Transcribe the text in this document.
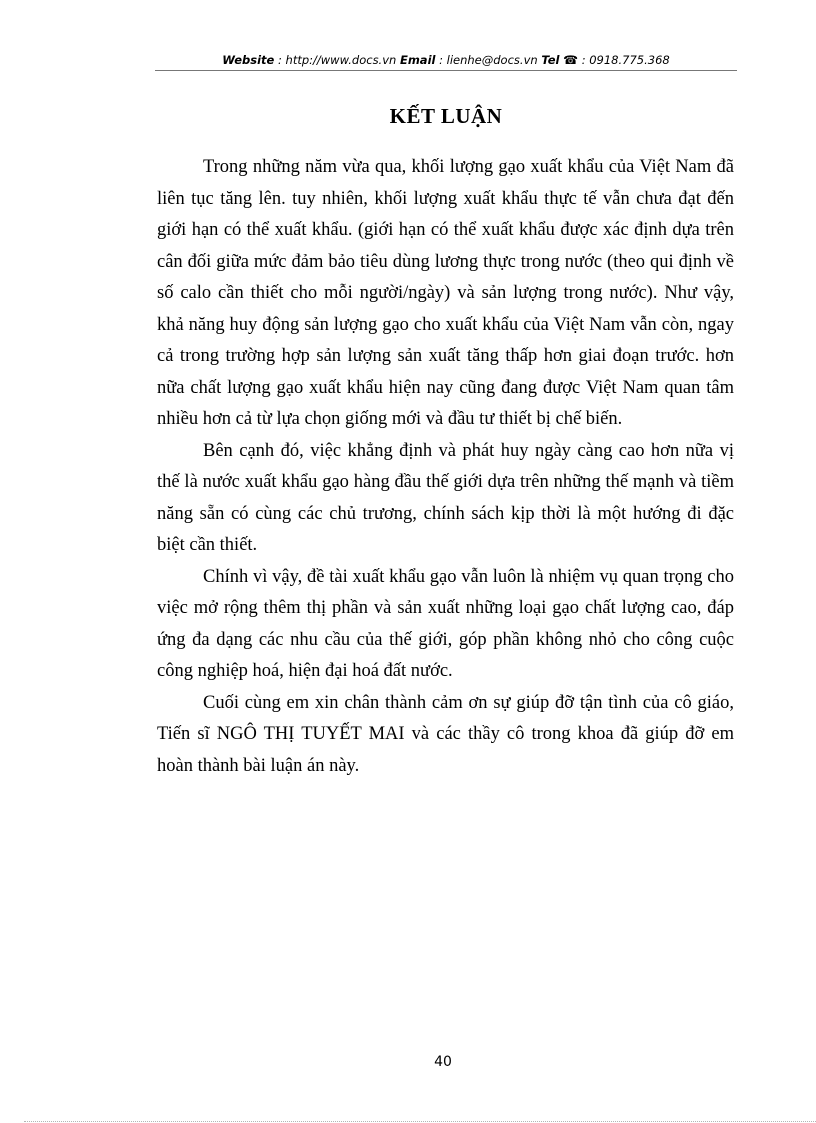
Website : http://www.docs.vn Email : lienhe@docs.vn Tel ☎ : 0918.775.368
KẾT LUẬN

Trong những năm vừa qua, khối lượng gạo xuất khẩu của Việt Nam đã liên tục tăng lên. tuy nhiên, khối lượng xuất khẩu thực tế vẫn chưa đạt đến giới hạn có thể xuất khẩu. (giới hạn có thể xuất khẩu được xác định dựa trên cân đối giữa mức đảm bảo tiêu dùng lương thực trong nước (theo qui định về số calo cần thiết cho mỗi người/ngày) và sản lượng trong nước). Như vậy, khả năng huy động sản lượng gạo cho xuất khẩu của Việt Nam vẫn còn, ngay cả trong trường hợp sản lượng sản xuất tăng thấp hơn giai đoạn trước. hơn nữa chất lượng gạo xuất khẩu hiện nay cũng đang được Việt Nam quan tâm nhiều hơn cả từ lựa chọn giống mới và đầu tư thiết bị chế biến.

Bên cạnh đó, việc khẳng định và phát huy ngày càng cao hơn nữa vị thế là nước xuất khẩu gạo hàng đầu thế giới dựa trên những thế mạnh và tiềm năng sẵn có cùng các chủ trương, chính sách kịp thời là một hướng đi đặc biệt cần thiết.

Chính vì vậy, đề tài xuất khẩu gạo vẫn luôn là nhiệm vụ quan trọng cho việc mở rộng thêm thị phần và sản xuất những loại gạo chất lượng cao, đáp ứng đa dạng các nhu cầu của thế giới, góp phần không nhỏ cho công cuộc công nghiệp hoá, hiện đại hoá đất nước.

Cuối cùng em xin chân thành cảm ơn sự giúp đỡ tận tình của cô giáo, Tiến sĩ NGÔ THỊ TUYẾT MAI và các thầy cô trong khoa đã giúp đỡ em hoàn thành bài luận án này.

40
